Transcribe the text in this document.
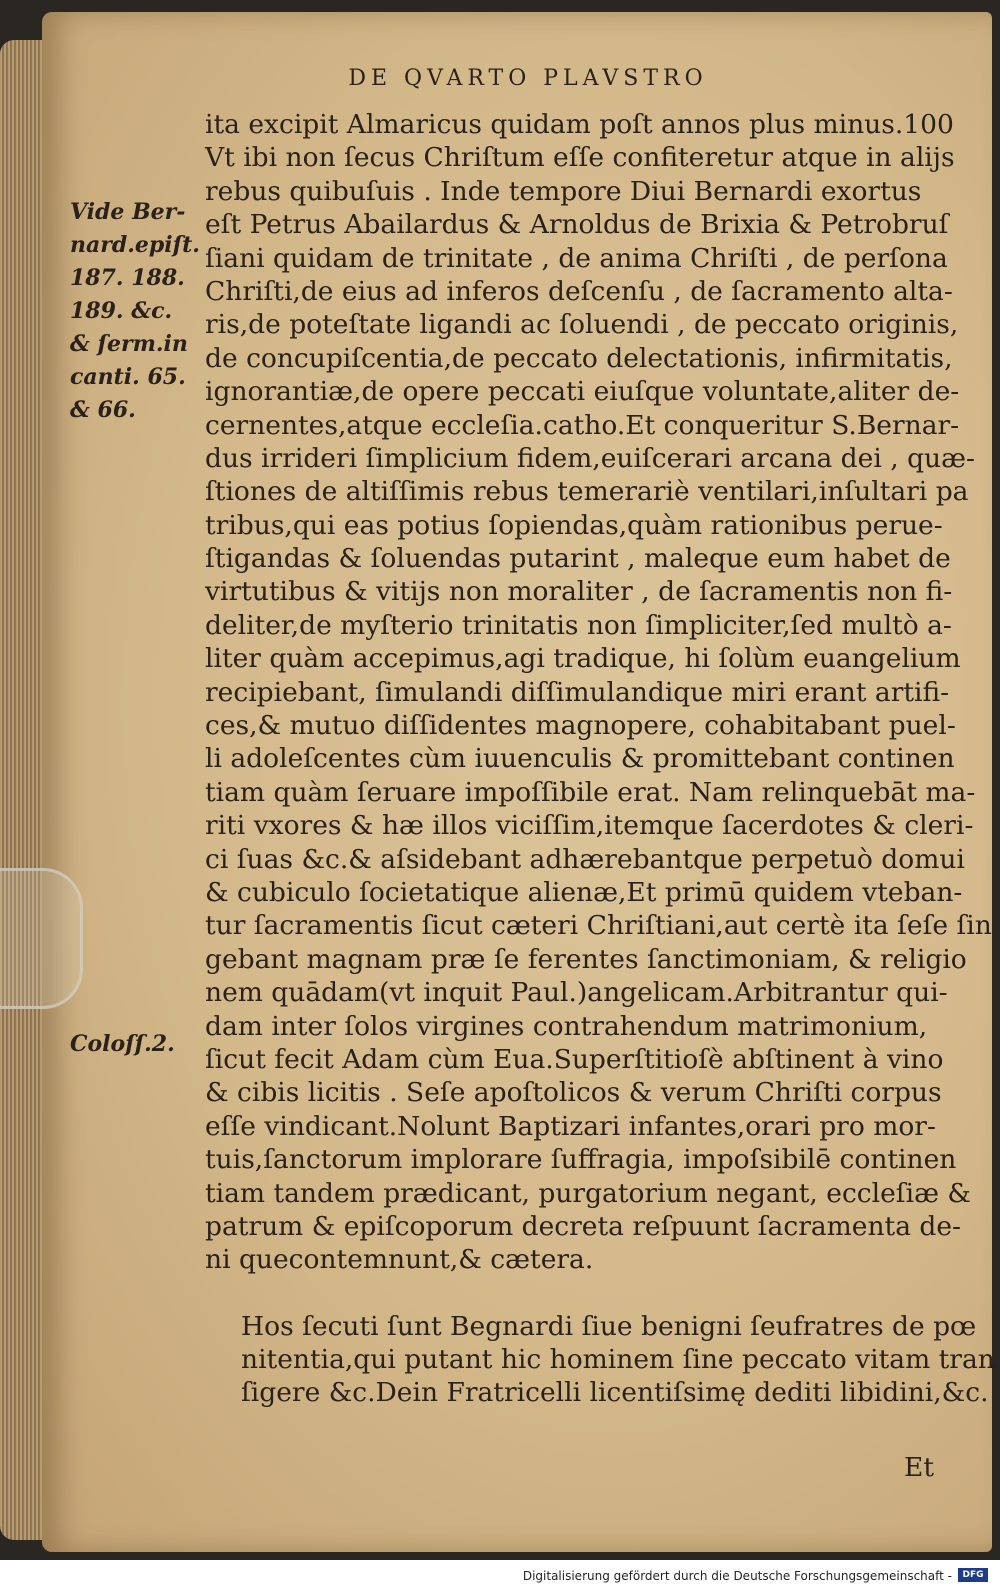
DE QVARTO PLAVSTRO
Vide Ber-
nard.epiſt.
187. 188.
189. &c.
& ſerm.in
canti. 65.
& 66.
Coloſſ.2.
ita excipit Almaricus quidam poſt annos plus minus.100
Vt ibi non ſecus Chriſtum eſſe confiteretur atque in alijs
rebus quibuſuis . Inde tempore Diui Bernardi exortus
eſt Petrus Abailardus & Arnoldus de Brixia & Petrobruſ
ſiani quidam de trinitate , de anima Chriſti , de perſona
Chriſti,de eius ad inferos deſcenſu , de ſacramento alta-
ris,de poteſtate ligandi ac ſoluendi , de peccato originis,
de concupiſcentia,de peccato delectationis, infirmitatis,
ignorantiæ,de opere peccati eiuſque voluntate,aliter de-
cernentes,atque eccleſia.catho.Et conqueritur S.Bernar-
dus irrideri ſimplicium fidem,euiſcerari arcana dei , quæ-
ſtiones de altiſſimis rebus temerariè ventilari,inſultari pa
tribus,qui eas potius ſopiendas,quàm rationibus perue-
ſtigandas & ſoluendas putarint , maleque eum habet de
virtutibus & vitijs non moraliter , de ſacramentis non fi-
deliter,de myſterio trinitatis non ſimpliciter,ſed multò a-
liter quàm accepimus,agi tradique, hi ſolùm euangelium
recipiebant, ſimulandi diſſimulandique miri erant artifi-
ces,& mutuo diſſidentes magnopere, cohabitabant puel-
li adoleſcentes cùm iuuenculis & promittebant continen
tiam quàm ſeruare impoſſibile erat. Nam relinquebāt ma-
riti vxores & hæ illos viciſſim,itemque ſacerdotes & cleri-
ci ſuas &c.& aſsidebant adhærebantque perpetuò domui
& cubiculo ſocietatique alienæ,Et primū quidem vteban-
tur ſacramentis ſicut cæteri Chriſtiani,aut certè ita ſeſe ſin
gebant magnam præ ſe ferentes ſanctimoniam, & religio
nem quādam(vt inquit Paul.)angelicam.Arbitrantur qui-
dam inter ſolos virgines contrahendum matrimonium,
ſicut fecit Adam cùm Eua.Superſtitioſè abſtinent à vino
& cibis licitis . Seſe apoſtolicos & verum Chriſti corpus
eſſe vindicant.Nolunt Baptizari infantes,orari pro mor-
tuis,ſanctorum implorare ſuffragia, impoſsibilē continen
tiam tandem prædicant, purgatorium negant, eccleſiæ &
patrum & epiſcoporum decreta reſpuunt ſacramenta de-
ni quecontemnunt,& cætera.
Hos ſecuti ſunt Begnardi ſiue benigni ſeufratres de pœ
nitentia,qui putant hic hominem ſine peccato vitam tran
ſigere &c.Dein Fratricelli licentiſsimę dediti libidini,&c.
Et
Digitalisierung gefördert durch die Deutsche Forschungsgemeinschaft -	DFG
